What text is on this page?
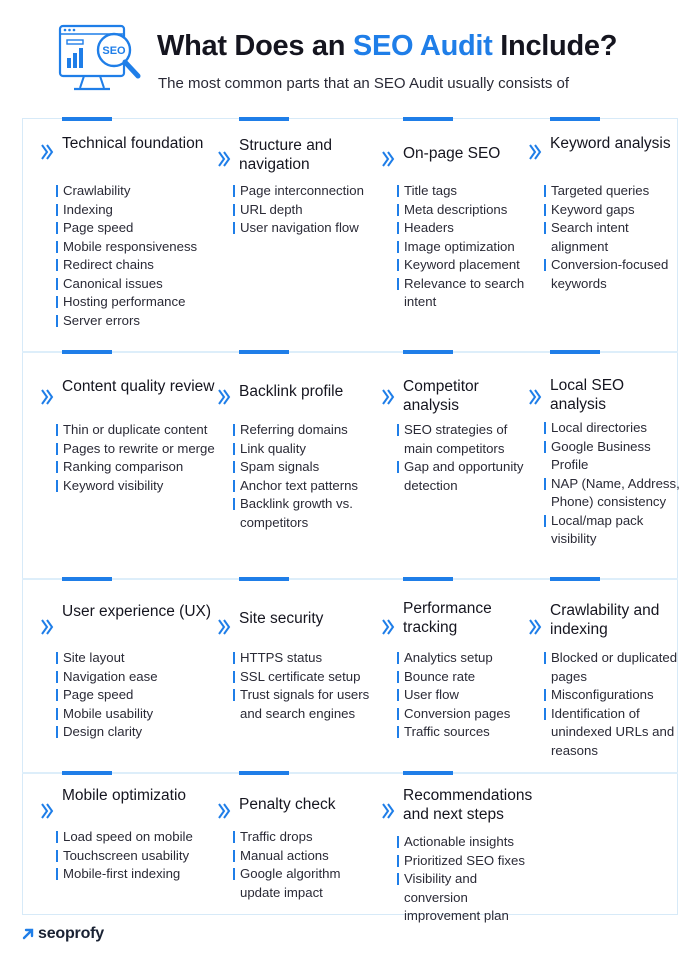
SEO What Does an SEO Audit Include?
The most common parts that an SEO Audit usually consists of
Technical foundation
Crawlability
Indexing
Page speed
Mobile responsiveness
Redirect chains
Canonical issues
Hosting performance
Server errors
Structure and navigation
Page interconnection
URL depth
User navigation flow
On-page SEO
Title tags
Meta descriptions
Headers
Image optimization
Keyword placement
Relevance to search intent
Keyword analysis
Targeted queries
Keyword gaps
Search intent alignment
Conversion-focused keywords
Content quality review
Thin or duplicate content
Pages to rewrite or merge
Ranking comparison
Keyword visibility
Backlink profile
Referring domains
Link quality
Spam signals
Anchor text patterns
Backlink growth vs. competitors
Competitor analysis
SEO strategies of main competitors
Gap and opportunity detection
Local SEO analysis
Local directories
Google Business Profile
NAP (Name, Address, Phone) consistency
Local/map pack visibility
User experience (UX)
Site layout
Navigation ease
Page speed
Mobile usability
Design clarity
Site security
HTTPS status
SSL certificate setup
Trust signals for users and search engines
Performance tracking
Analytics setup
Bounce rate
User flow
Conversion pages
Traffic sources
Crawlability and indexing
Blocked or duplicated pages
Misconfigurations
Identification of unindexed URLs and reasons
Mobile optimizatio
Load speed on mobile
Touchscreen usability
Mobile-first indexing
Penalty check
Traffic drops
Manual actions
Google algorithm update impact
Recommendations and next steps
Actionable insights
Prioritized SEO fixes
Visibility and conversion improvement plan
seoprofy
